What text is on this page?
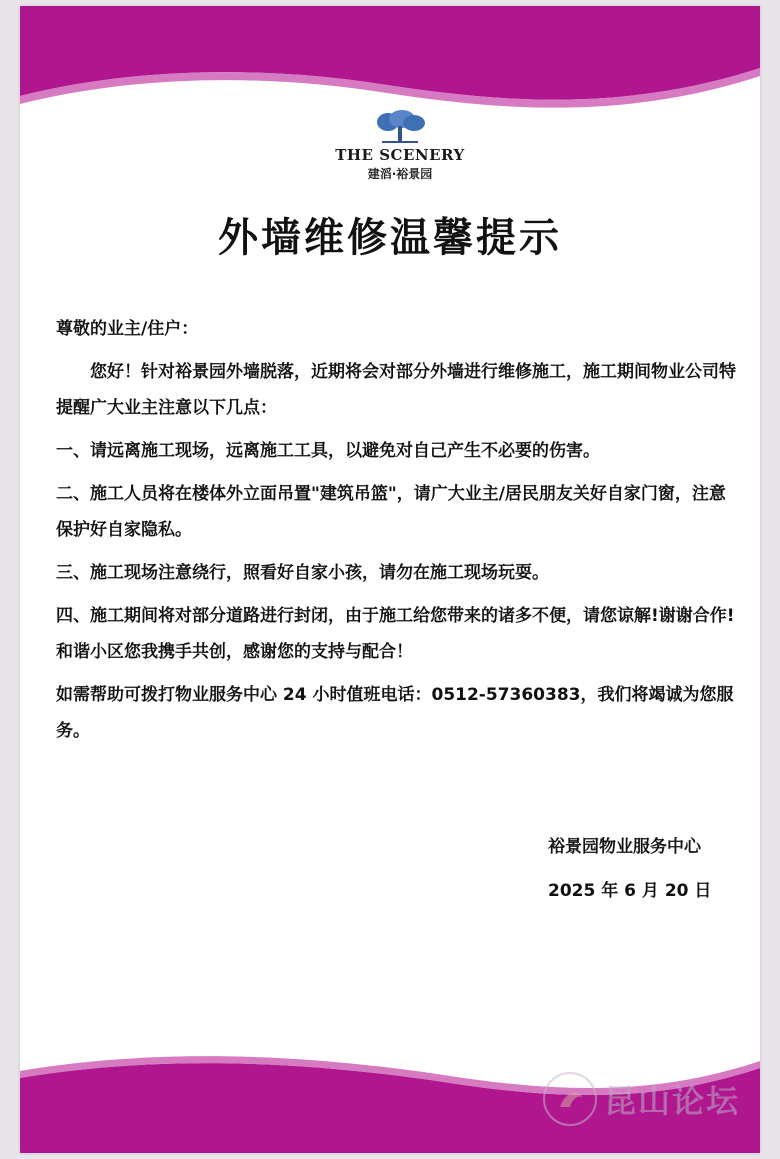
THE SCENERY
建滔·裕景园
外墙维修温馨提示

尊敬的业主/住户：

您好！针对裕景园外墙脱落，近期将会对部分外墙进行维修施工，施工期间物业公司特提醒广大业主注意以下几点：

一、请远离施工现场，远离施工工具，以避免对自己产生不必要的伤害。

二、施工人员将在楼体外立面吊置"建筑吊篮"，请广大业主/居民朋友关好自家门窗，注意保护好自家隐私。

三、施工现场注意绕行，照看好自家小孩，请勿在施工现场玩耍。

四、施工期间将对部分道路进行封闭，由于施工给您带来的诸多不便，请您谅解!谢谢合作!和谐小区您我携手共创，感谢您的支持与配合！

如需帮助可拨打物业服务中心 24 小时值班电话：0512-57360383，我们将竭诚为您服务。

裕景园物业服务中心
2025 年 6 月 20 日
昆山论坛
